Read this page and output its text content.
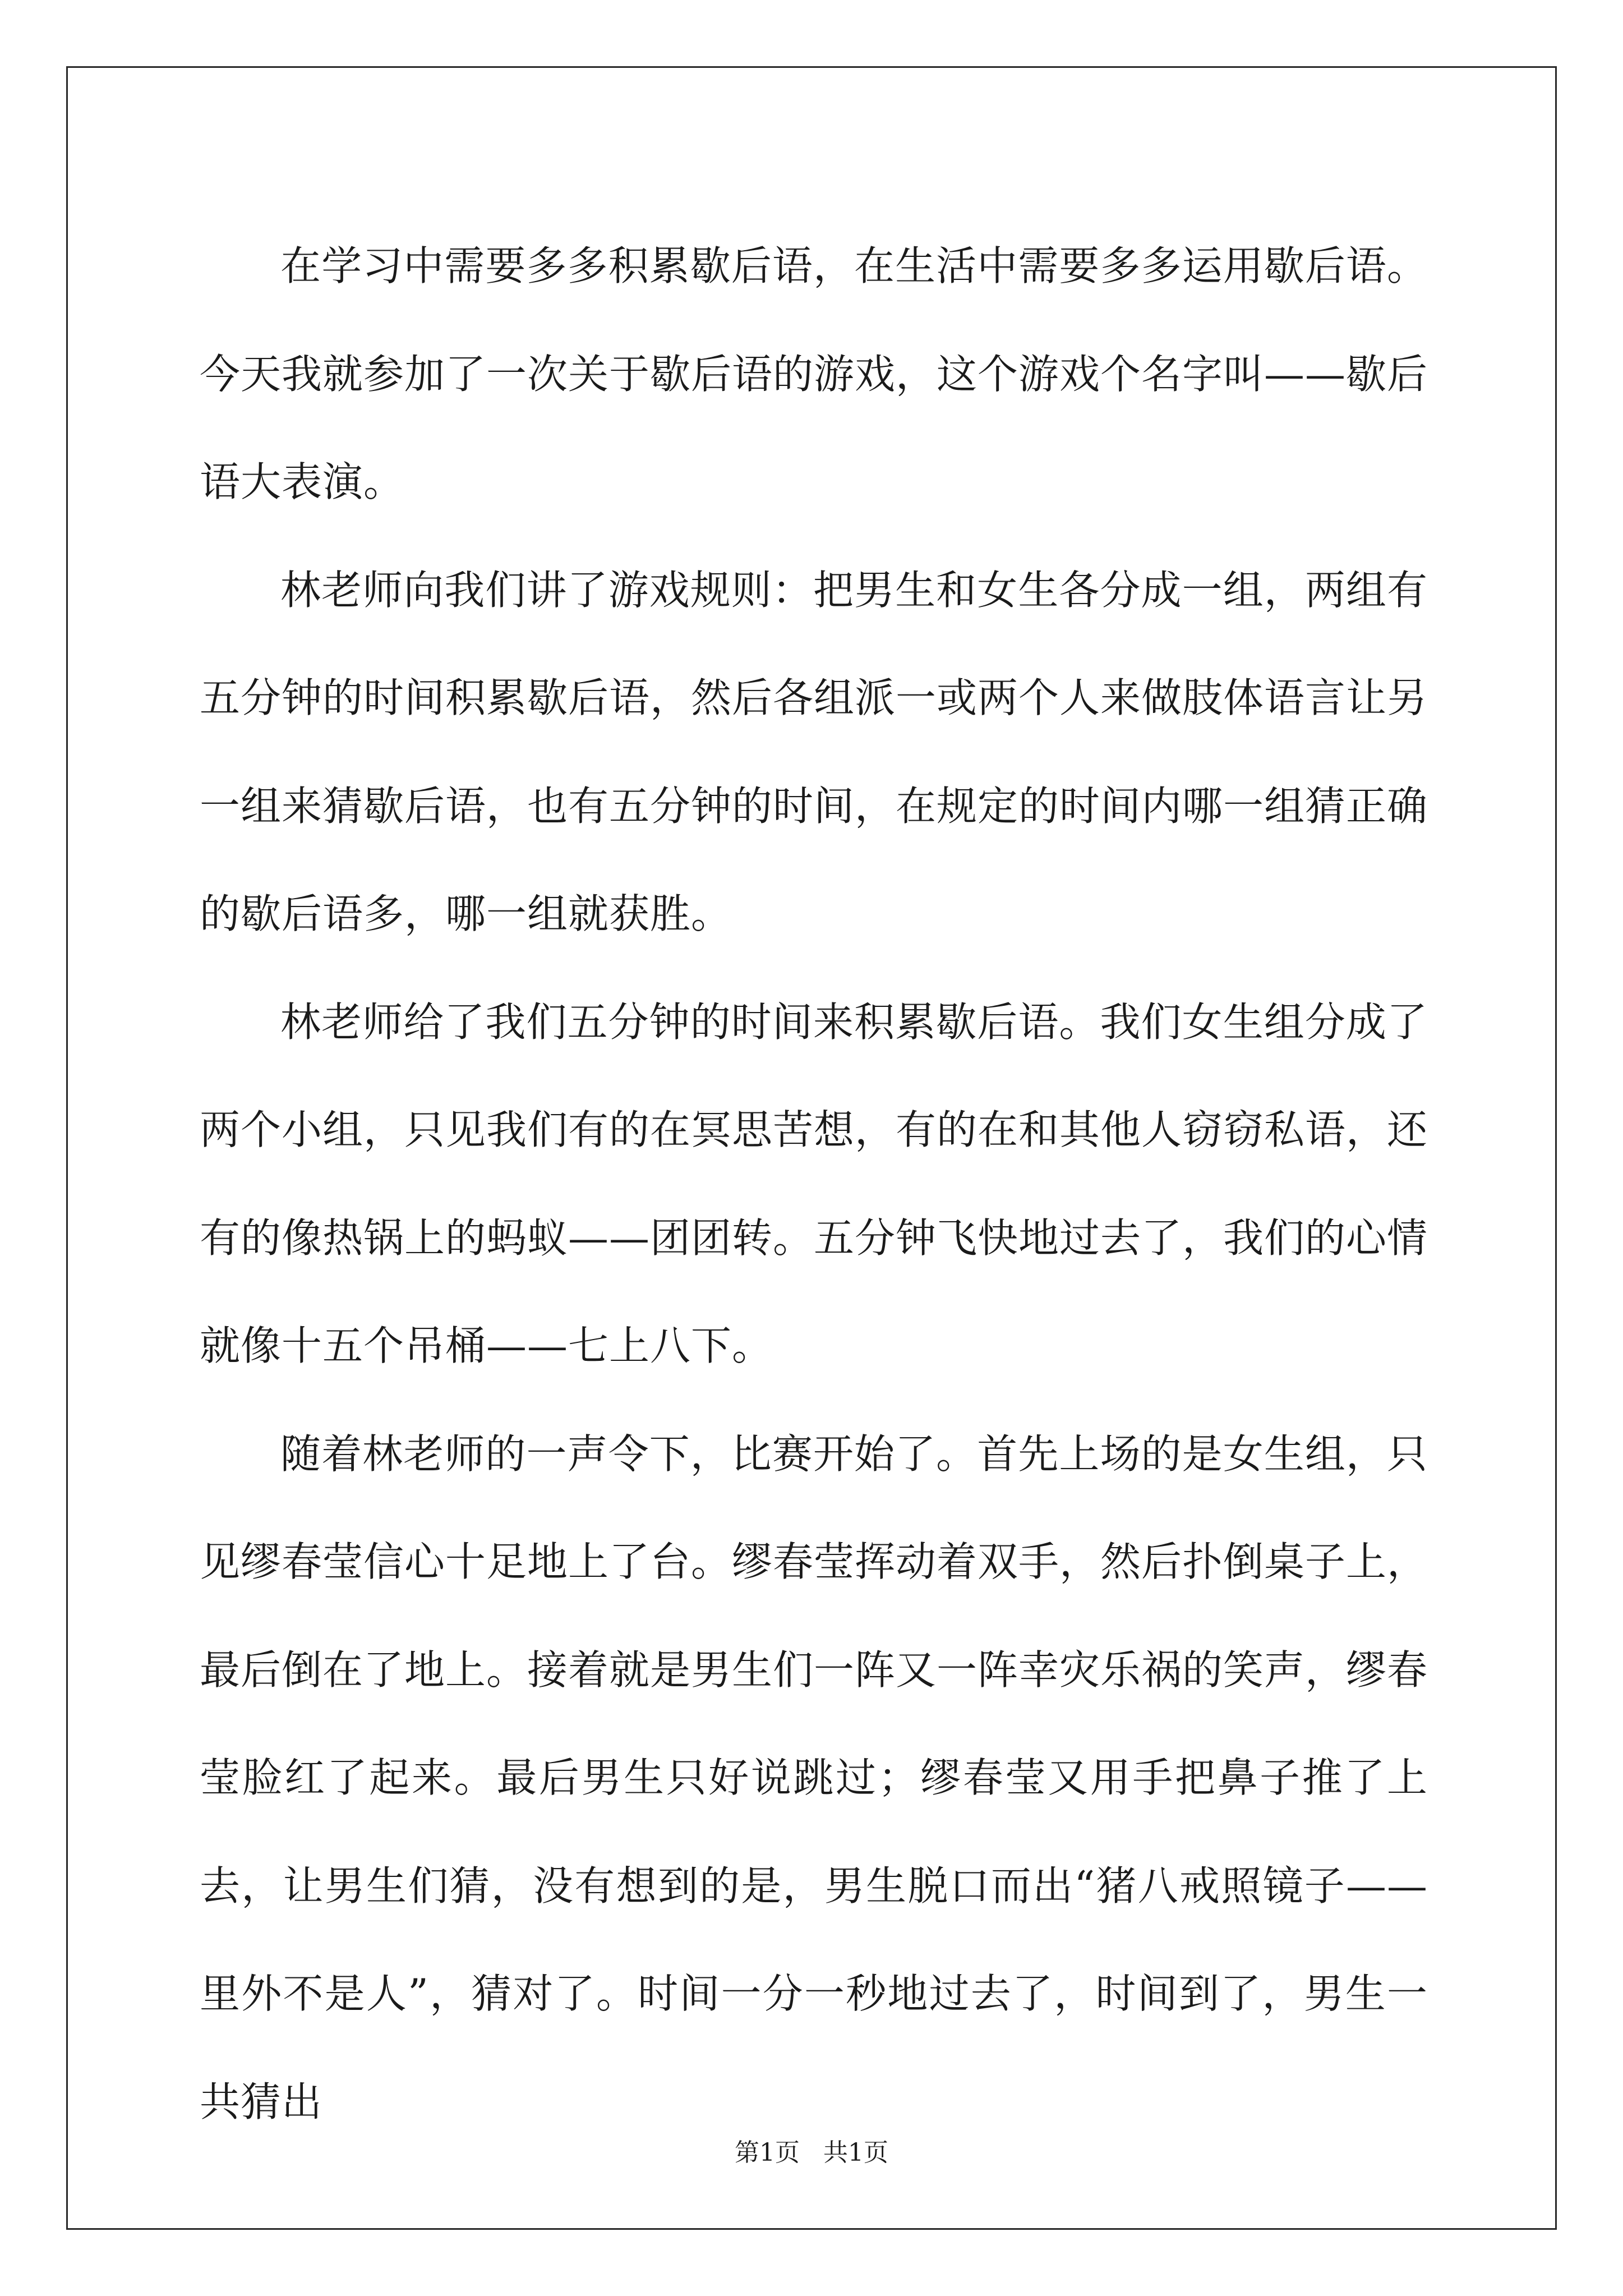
在学习中需要多多积累歇后语，在生活中需要多多运用歇后语。今天我就参加了一次关于歇后语的游戏，这个游戏个名字叫——歇后语大表演。

林老师向我们讲了游戏规则：把男生和女生各分成一组，两组有五分钟的时间积累歇后语，然后各组派一或两个人来做肢体语言让另一组来猜歇后语，也有五分钟的时间，在规定的时间内哪一组猜正确的歇后语多，哪一组就获胜。

林老师给了我们五分钟的时间来积累歇后语。我们女生组分成了两个小组，只见我们有的在冥思苦想，有的在和其他人窃窃私语，还有的像热锅上的蚂蚁——团团转。五分钟飞快地过去了，我们的心情就像十五个吊桶——七上八下。

随着林老师的一声令下，比赛开始了。首先上场的是女生组，只见缪春莹信心十足地上了台。缪春莹挥动着双手，然后扑倒桌子上，最后倒在了地上。接着就是男生们一阵又一阵幸灾乐祸的笑声，缪春莹脸红了起来。最后男生只好说跳过；缪春莹又用手把鼻子推了上去，让男生们猜，没有想到的是，男生脱口而出“猪八戒照镜子——里外不是人”，猜对了。时间一分一秒地过去了，时间到了，男生一共猜出

第1页 共1页
